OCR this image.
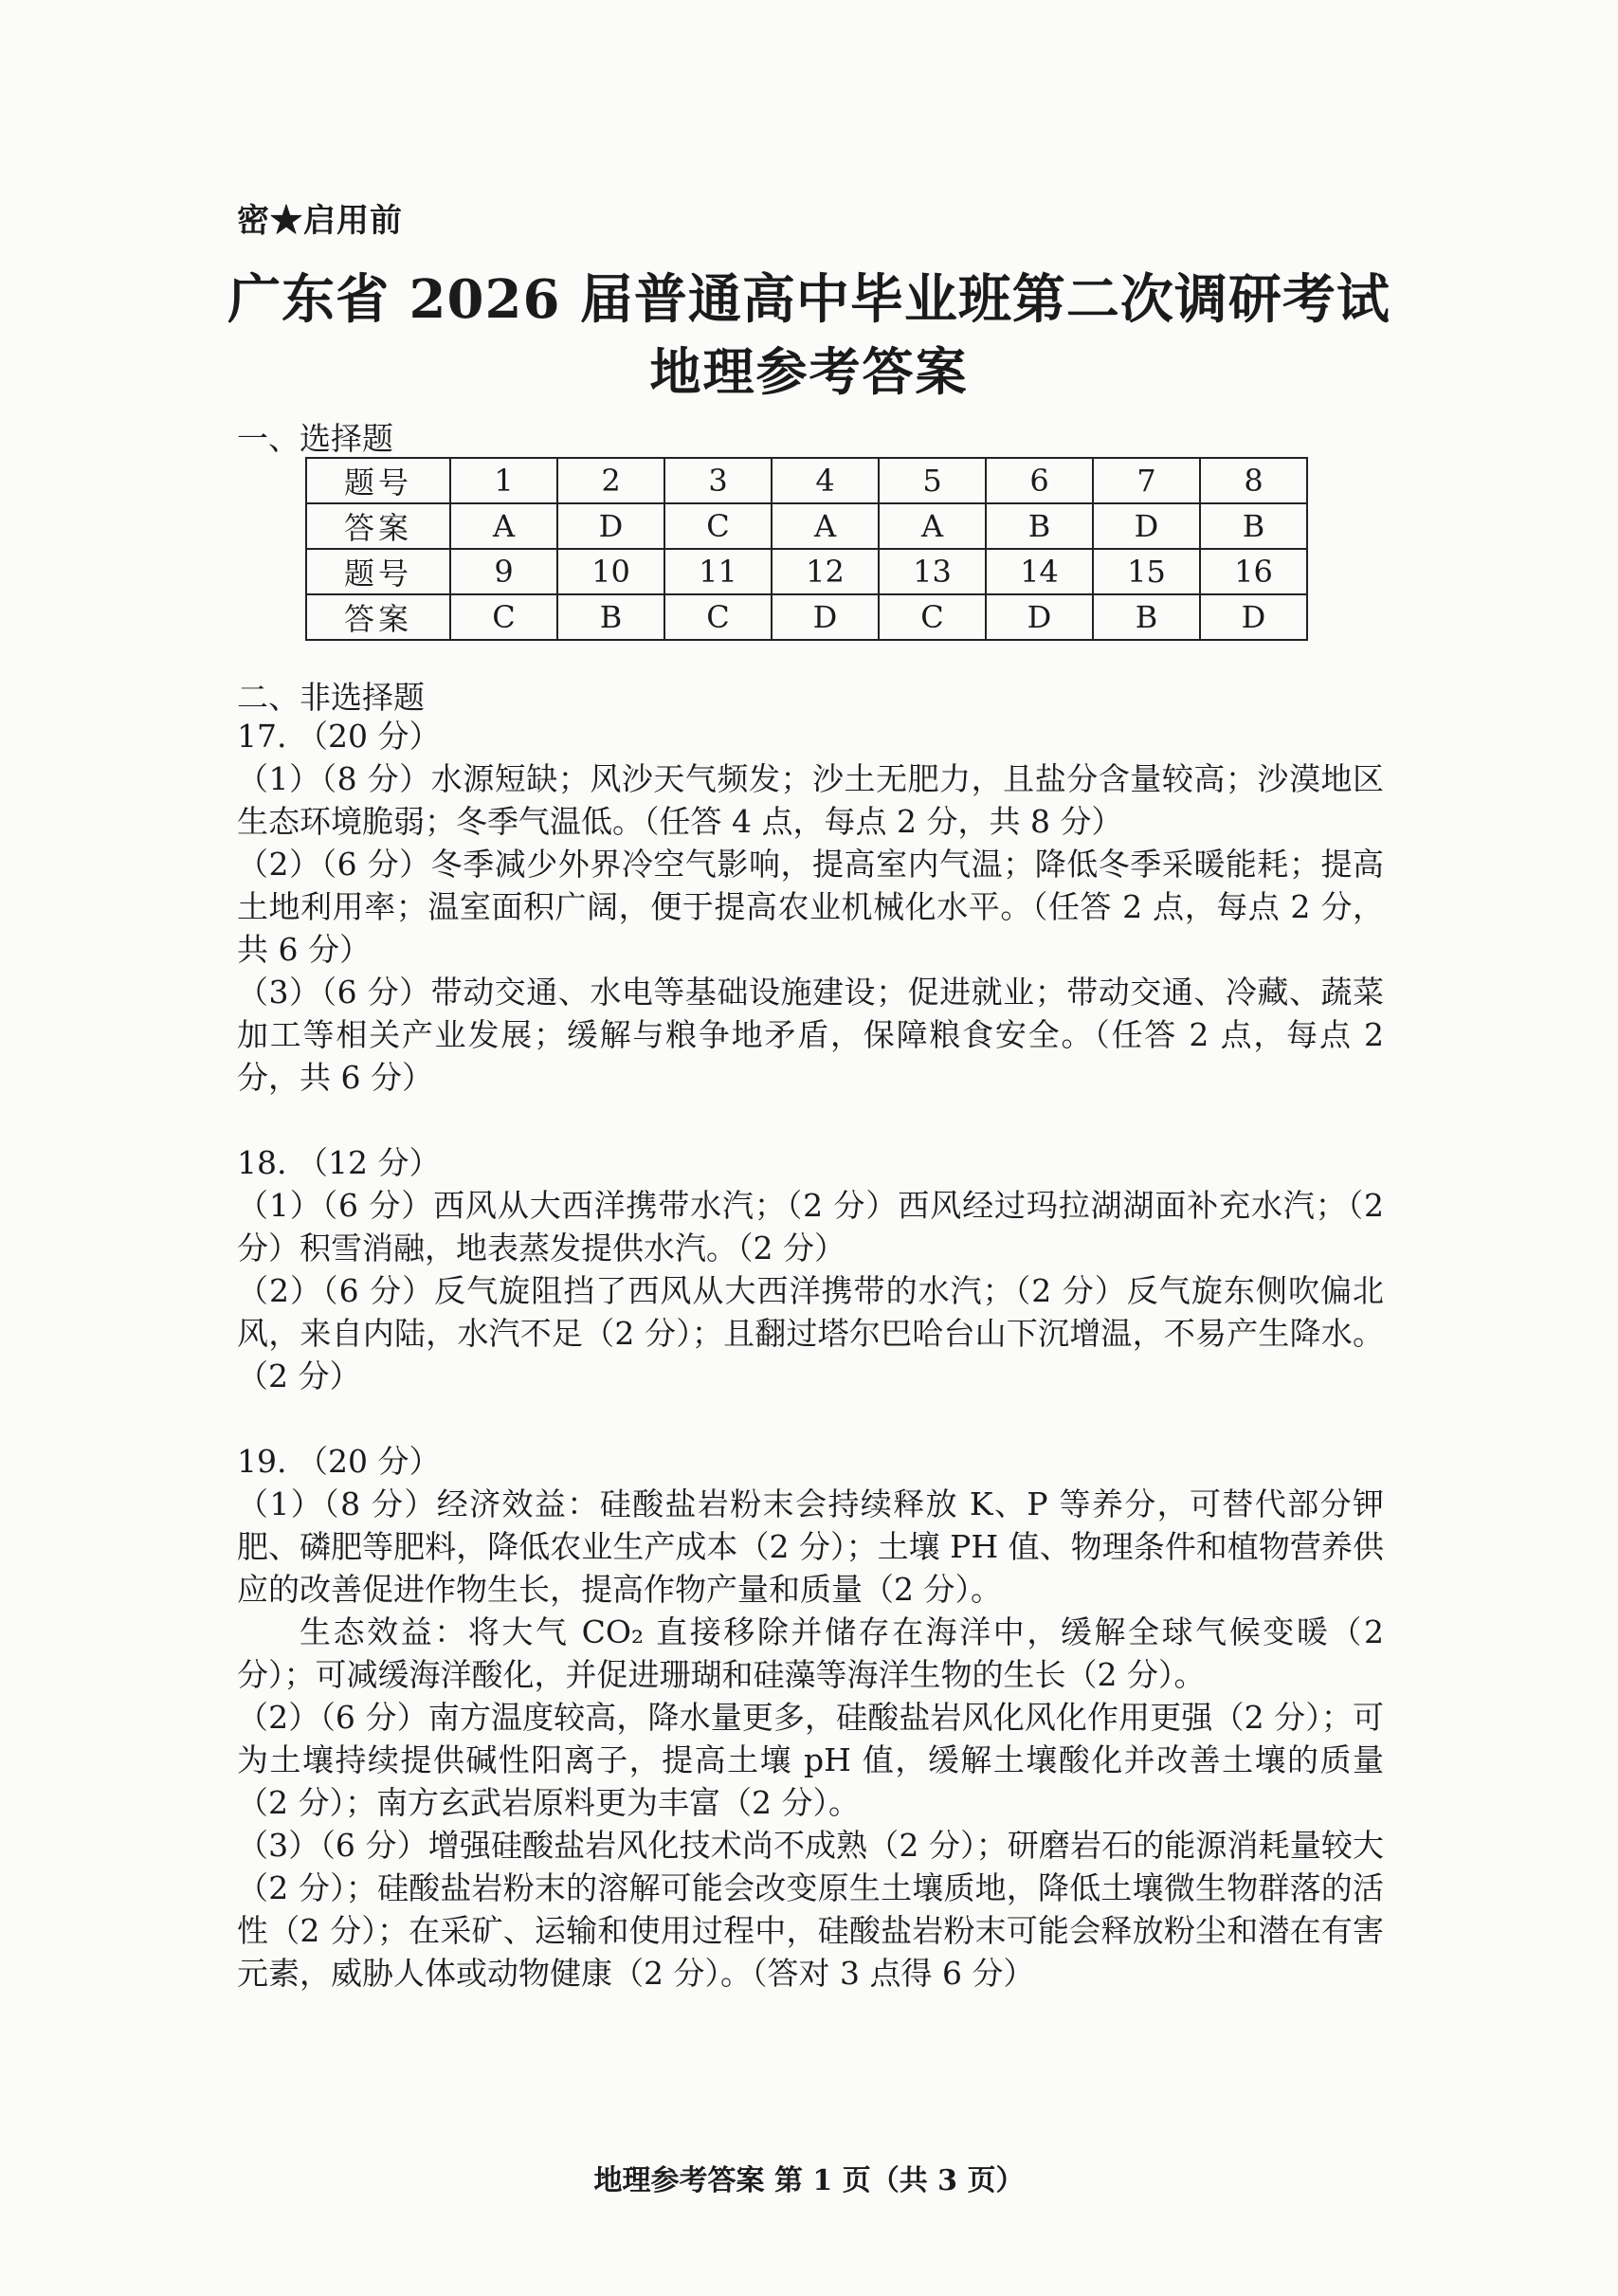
密★启用前
广东省 2026 届普通高中毕业班第二次调研考试
地理参考答案
一、选择题
题号	1	2	3	4	5	6	7	8
答案	A	D	C	A	A	B	D	B
题号	9	10	11	12	13	14	15	16
答案	C	B	C	D	C	D	B	D
二、非选择题

17. （20 分）

（1）（8 分）水源短缺；风沙天气频发；沙土无肥力，且盐分含量较高；沙漠地区生态环境脆弱；冬季气温低。（任答 4 点，每点 2 分，共 8 分）

（2）（6 分）冬季减少外界冷空气影响，提高室内气温；降低冬季采暖能耗；提高土地利用率；温室面积广阔，便于提高农业机械化水平。（任答 2 点，每点 2 分，共 6 分）

（3）（6 分）带动交通、水电等基础设施建设；促进就业；带动交通、冷藏、蔬菜加工等相关产业发展；缓解与粮争地矛盾，保障粮食安全。（任答 2 点，每点 2 分，共 6 分）

18. （12 分）

（1）（6 分）西风从大西洋携带水汽；（2 分）西风经过玛拉湖湖面补充水汽；（2 分）积雪消融，地表蒸发提供水汽。（2 分）

（2）（6 分）反气旋阻挡了西风从大西洋携带的水汽；（2 分）反气旋东侧吹偏北风，来自内陆，水汽不足（2 分）；且翻过塔尔巴哈台山下沉增温，不易产生降水。（2 分）

19. （20 分）

（1）（8 分）经济效益：硅酸盐岩粉末会持续释放 K、P 等养分，可替代部分钾肥、磷肥等肥料，降低农业生产成本（2 分）；土壤 PH 值、物理条件和植物营养供应的改善促进作物生长，提高作物产量和质量（2 分）。

生态效益：将大气 CO₂ 直接移除并储存在海洋中，缓解全球气候变暖（2 分）；可减缓海洋酸化，并促进珊瑚和硅藻等海洋生物的生长（2 分）。

（2）（6 分）南方温度较高，降水量更多，硅酸盐岩风化风化作用更强（2 分）；可为土壤持续提供碱性阳离子，提高土壤 pH 值，缓解土壤酸化并改善土壤的质量（2 分）；南方玄武岩原料更为丰富（2 分）。

（3）（6 分）增强硅酸盐岩风化技术尚不成熟（2 分）；研磨岩石的能源消耗量较大（2 分）；硅酸盐岩粉末的溶解可能会改变原生土壤质地，降低土壤微生物群落的活性（2 分）；在采矿、运输和使用过程中，硅酸盐岩粉末可能会释放粉尘和潜在有害元素，威胁人体或动物健康（2 分）。（答对 3 点得 6 分）

地理参考答案 第 1 页（共 3 页）
